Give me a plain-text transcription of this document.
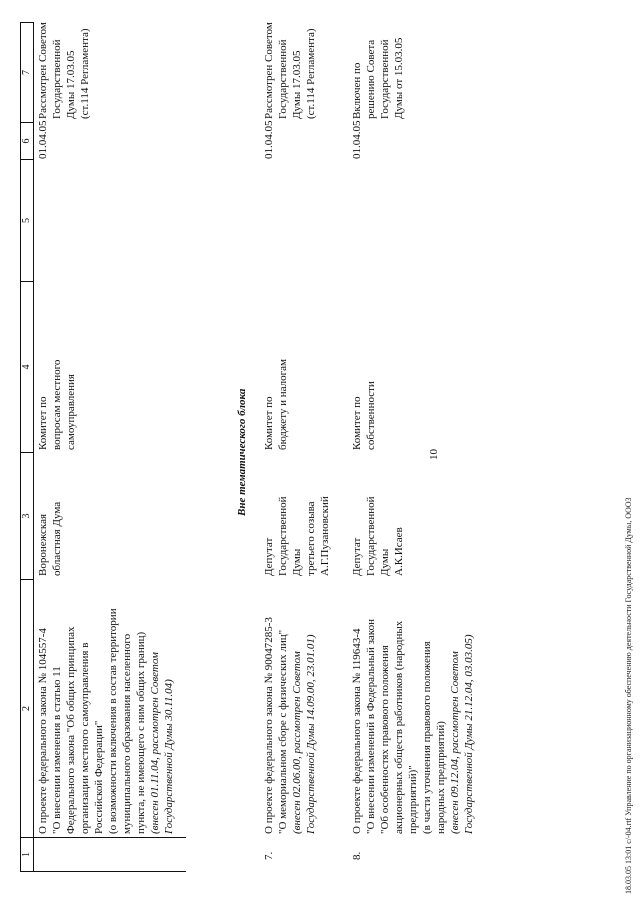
10
1
2
3
4
5
6
7
О проекте федерального закона № 104557-4 "О внесении изменения в статью 11 Федерального закона "Об общих принципах организации местного самоуправления в Российской Федерации" (о возможности включения в состав территории муниципального образования населенного пункта, не имеющего с ним общих границ) (внесен 01.11.04, рассмотрен Советом Государственной Думы 30.11.04)
Воронежская областная Дума
Комитет по вопросам местного самоуправления
01.04.05
Рассмотрен Советом Государственной Думы 17.03.05 (ст.114 Регламента)
Вне тематического блока
7.
О проекте федерального закона № 90047285-3 "О мемориальном сборе с физических лиц" (внесен 02.06.00, рассмотрен Советом Государственной Думы 14.09.00, 23.01.01)
Депутат Государственной Думы третьего созыва А.Г.Пузановский
Комитет по бюджету и налогам
01.04.05
Рассмотрен Советом Государственной Думы 17.03.05 (ст.114 Регламента)
8.
О проекте федерального закона № 119643-4 "О внесении изменений в Федеральный закон "Об особенностях правового положения акционерных обществ работников (народных предприятий)" (в части уточнения правового положения народных предприятий) (внесен 09.12.04, рассмотрен Советом Государственной Думы 21.12.04, 03.03.05)
Депутат Государственной Думы А.К.Исаев
Комитет по собственности
01.04.05
Включен по решению Совета Государственной Думы от 15.03.05
18.03.05 13:01 с/-04.rtf Управление по организационному обеспечению деятельности Государственной Думы, ООО3
